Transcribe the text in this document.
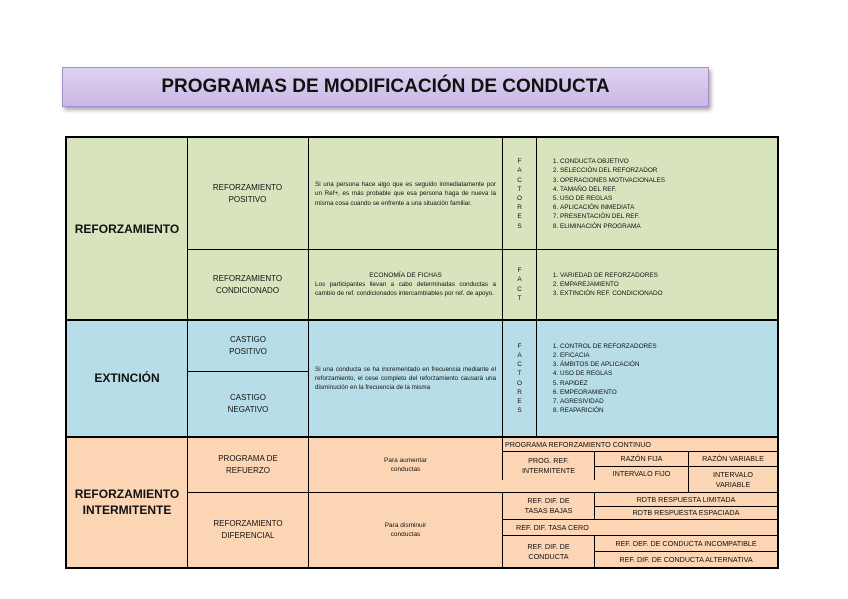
PROGRAMAS DE MODIFICACIÓN DE CONDUCTA
REFORZAMIENTO
EXTINCIÓN
REFORZAMIENTO INTERMITENTE
REFORZAMIENTO POSITIVO
Si una persona hace algo que es seguido inmediatamente por un Ref+, es más probable que esa persona haga de nueva la misma cosa cuando se enfrente a una situación familiar.
F
A
C
T
O
R
E
S
1. CONDUCTA OBJETIVO
2. SELECCIÓN DEL REFORZADOR
3. OPERACIONES MOTIVACIONALES
4. TAMAÑO DEL REF.
5. USO DE REGLAS
6. APLICACIÓN INMEDIATA
7. PRESENTACIÓN DEL REF.
8. ELIMINACIÓN PROGRAMA
REFORZAMIENTO CONDICIONADO
ECONOMÍA DE FICHAS
Los participantes llevan a cabo determinadas conductas a cambio de ref. condicionados intercambiables por ref. de apoyo.
F
A
C
T
1. VARIEDAD DE REFORZADORES
2. EMPAREJAMIENTO
3. EXTINCIÓN REF. CONDICIONADO
CASTIGO POSITIVO
CASTIGO NEGATIVO
Si una conducta se ha incrementado en frecuencia mediante el reforzamiento, el cese completo del reforzamiento causará una disminución en la frecuencia de la misma
F
A
C
T
O
R
E
S
1. CONTROL DE REFORZADORES
2. EFICACIA
3. ÁMBITOS DE APLICACIÓN
4. USO DE REGLAS
5. RAPIDEZ
6. EMPEORAMIENTO
7. AGRESIVIDAD
8. REAPARICIÓN
PROGRAMA DE REFUERZO
REFORZAMIENTO DIFERENCIAL
Para aumentar conductas
Para disminuir conductas
PROGRAMA REFORZAMIENTO CONTINUO
PROG. REF. INTERMITENTE
RAZÓN FIJA	RAZÓN VARIABLE
INTERVALO FIJO	INTERVALO VARIABLE
REF. DIF. DE TASAS BAJAS
RDTB RESPUESTA LIMITADA
RDTB RESPUESTA ESPACIADA
REF. DIF. TASA CERO
REF. DIF. DE CONDUCTA
REF. DEF. DE CONDUCTA INCOMPATIBLE
REF. DIF. DE CONDUCTA ALTERNATIVA
